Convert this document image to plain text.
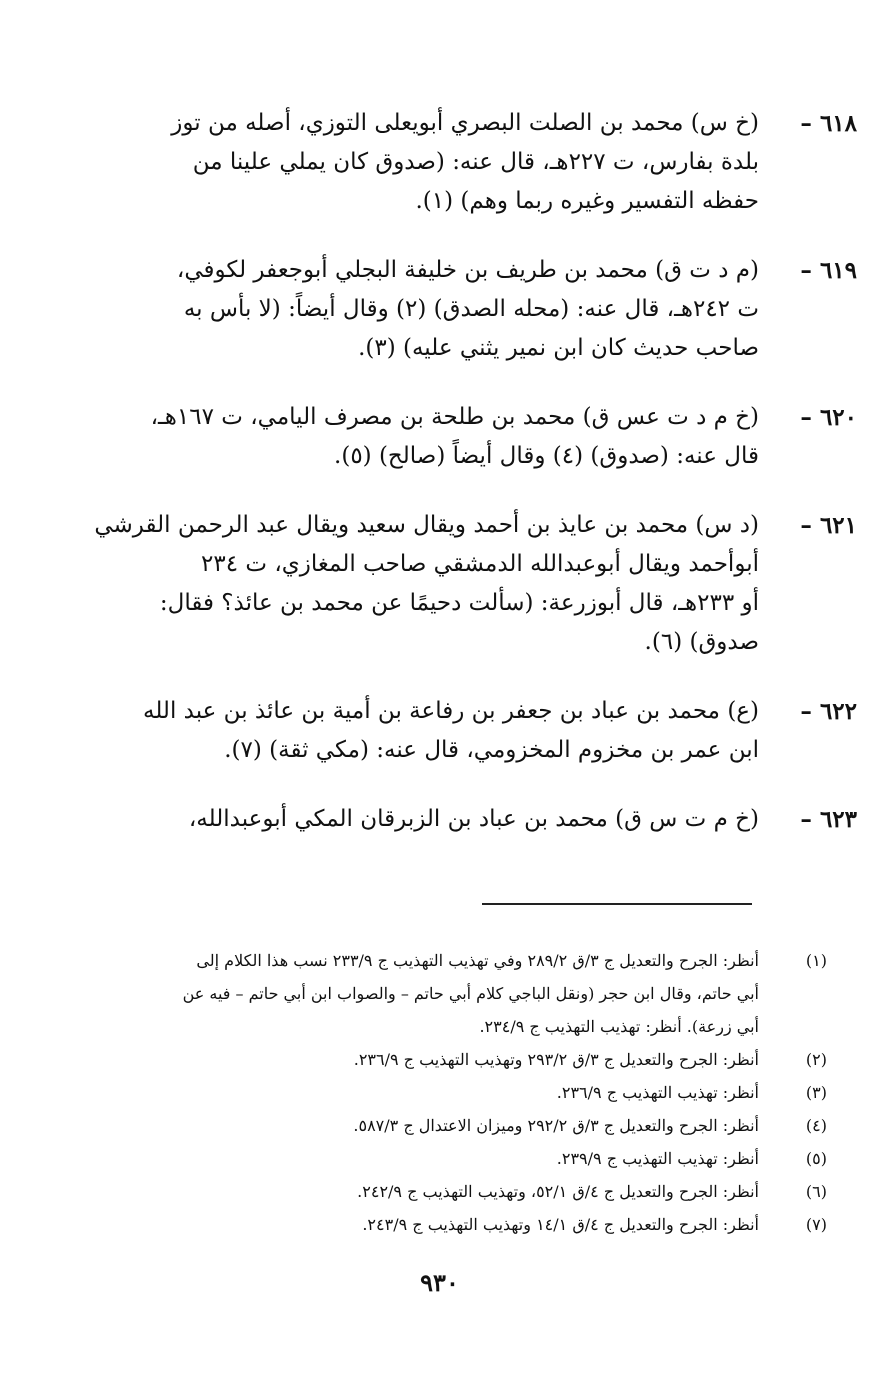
٦١٨ –
(خ س) محمد بن الصلت البصري أبويعلى التوزي، أصله من توز
بلدة بفارس، ت ٢٢٧هـ، قال عنه: (صدوق كان يملي علينا من
حفظه التفسير وغيره ربما وهم) (١).
٦١٩ –
(م د ت ق) محمد بن طريف بن خليفة البجلي أبوجعفر لكوفي،
ت ٢٤٢هـ، قال عنه: (محله الصدق) (٢) وقال أيضاً: (لا بأس به
صاحب حديث كان ابن نمير يثني عليه) (٣).
٦٢٠ –
(خ م د ت عس ق) محمد بن طلحة بن مصرف اليامي، ت ١٦٧هـ،
قال عنه: (صدوق) (٤) وقال أيضاً (صالح) (٥).
٦٢١ –
(د س) محمد بن عايذ بن أحمد ويقال سعيد ويقال عبد الرحمن القرشي
أبوأحمد ويقال أبوعبدالله الدمشقي صاحب المغازي، ت ٢٣٤
أو ٢٣٣هـ، قال أبوزرعة: (سألت دحيمًا عن محمد بن عائذ؟ فقال:
صدوق) (٦).
٦٢٢ –
(ع) محمد بن عباد بن جعفر بن رفاعة بن أمية بن عائذ بن عبد الله
ابن عمر بن مخزوم المخزومي، قال عنه: (مكي ثقة) (٧).
٦٢٣ –
(خ م ت س ق) محمد بن عباد بن الزبرقان المكي أبوعبدالله،
(١)
أنظر: الجرح والتعديل ج ٣/ق ٢٨٩/٢ وفي تهذيب التهذيب ج ٢٣٣/٩ نسب هذا الكلام إلى
أبي حاتم، وقال ابن حجر (ونقل الباجي كلام أبي حاتم – والصواب ابن أبي حاتم – فيه عن
أبي زرعة). أنظر: تهذيب التهذيب ج ٢٣٤/٩.
(٢)
أنظر: الجرح والتعديل ج ٣/ق ٢٩٣/٢ وتهذيب التهذيب ج ٢٣٦/٩.
(٣)
أنظر: تهذيب التهذيب ج ٢٣٦/٩.
(٤)
أنظر: الجرح والتعديل ج ٣/ق ٢٩٢/٢ وميزان الاعتدال ج ٥٨٧/٣.
(٥)
أنظر: تهذيب التهذيب ج ٢٣٩/٩.
(٦)
أنظر: الجرح والتعديل ج ٤/ق ٥٢/١، وتهذيب التهذيب ج ٢٤٢/٩.
(٧)
أنظر: الجرح والتعديل ج ٤/ق ١٤/١ وتهذيب التهذيب ج ٢٤٣/٩.
٩٣٠
